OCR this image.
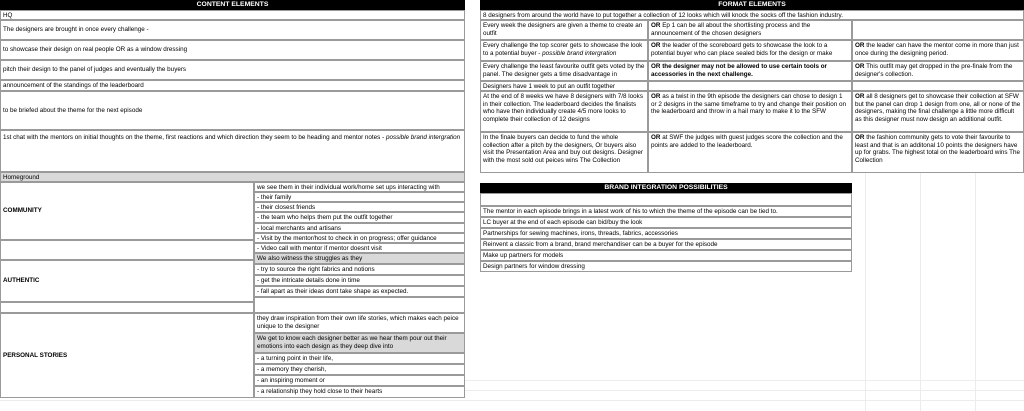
CONTENT ELEMENTS
HQ
The designers are brought in once every challenge -
to showcase their design on real people OR as a window dressing
pitch their design to the panel of judges and eventually the buyers
announcement of the standings of the leaderboard
to be briefed about the theme for the next episode
1st chat with the mentors on initial thoughts on the theme, first reactions and which direction they seem to be heading and mentor notes - possible brand intergration
Homeground
COMMUNITY
we see them in their individual work/home set ups interacting with
- their family
- their closest friends
- the team who helps them put the outfit together
- local merchants and artisans
- Visit by the mentor/host to check in on progress; offer guidance
- Video call with mentor if mentor doesnt visit
AUTHENTIC
We also witness the struggles as they
- try to source the right fabrics and notions
- get the intricate details done in time
- fall apart as their ideas dont take shape as expected.
PERSONAL STORIES
they draw inspiration from their own life stories, which makes each peice unique to the designer
We get to know each designer better as we hear them pour out their emotions into each design as they deep dive into
- a turning point in their life,
- a memory they cherish,
- an inspiring moment or
- a relationship they hold close to their hearts
FORMAT ELEMENTS
8 designers from around the world have to put together a collection of 12 looks which will knock the socks off the fashion industry.
Every week the designers are given a theme to create an outfit
OR Ep 1 can be all about the shortlisting process and the announcement of the chosen designers
Every challenge the top scorer gets to showcase the look to a potential buyer - possible brand intergration
OR the leader of the scoreboard gets to showcase the look to a potential buyer who can place sealed bids for the design or make
OR the leader can have the mentor come in more than just once during the designing period.
Every challenge the least favourite outfit gets voted by the panel. The designer gets a time disadvantage in
OR the designer may not be allowed to use certain tools or accessories in the next challenge.
OR This outfit may get dropped in the pre-finale from the designer's collection.
Designers have 1 week to put an outfit together
At the end of 8 weeks we have 8 designers with 7/8 looks in their collection. The leaderboard decides the finalists who have then individually create 4/5 more looks to complete their collection of 12 designs
OR as a twist in the 9th episode the designers can chose to design 1 or 2 designs in the same timeframe to try and change their position on the leaderboard and throw in a hail mary to make it to the SFW
OR all 8 designers get to showcase their collection at SFW but the panel can drop 1 design from one, all or none of the designers, making the final challenge a little more difficult as this designer must now design an additional outfit.
In the finale buyers can decide to fund the whole collection after a pitch by the designers, Or buyers also visit the Presentation Area and buy out designs. Designer with the most sold out peices wins The Collection
OR at SWF the judges with guest judges score the collection and the points are added to the leaderboard.
OR the fashion community gets to vote their favourite to least and that is an additonal 10 points the designers have up for grabs. The highest total on the leaderboard wins The Collection
BRAND INTEGRATION POSSIBILITIES
The mentor in each episode brings in a latest work of his to which the theme of the episode can be tied to.
LC buyer at the end of each episode can bid/buy the look
Partnerships for sewing machines, irons, threads, fabrics, accessories
Reinvent a classic from a brand, brand merchandiser can be a buyer for the episode
Make up partners for models
Design partners for window dressing
